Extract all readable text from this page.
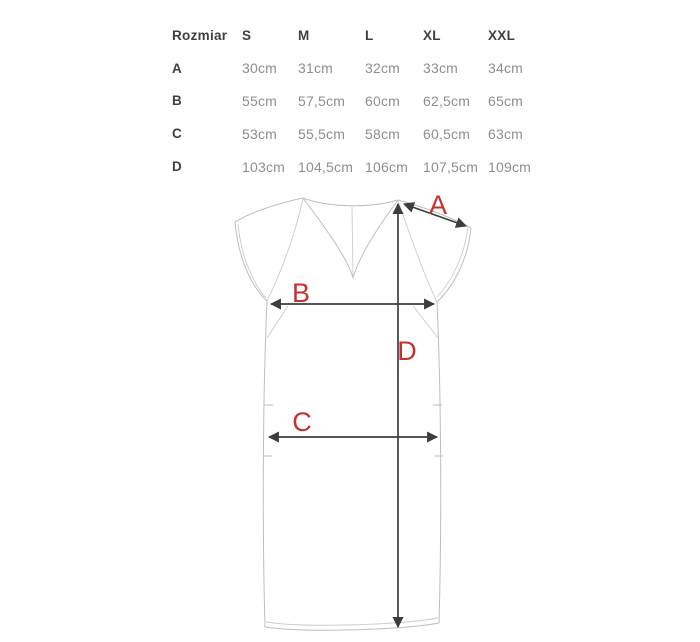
Rozmiar	S	M	L	XL	XXL
A	30cm	31cm	32cm	33cm	34cm
B	55cm	57,5cm	60cm	62,5cm	65cm
C	53cm	55,5cm	58cm	60,5cm	63cm
D	103cm 104,5cm 106cm	107,5cm 109cm
A
B
C
D
